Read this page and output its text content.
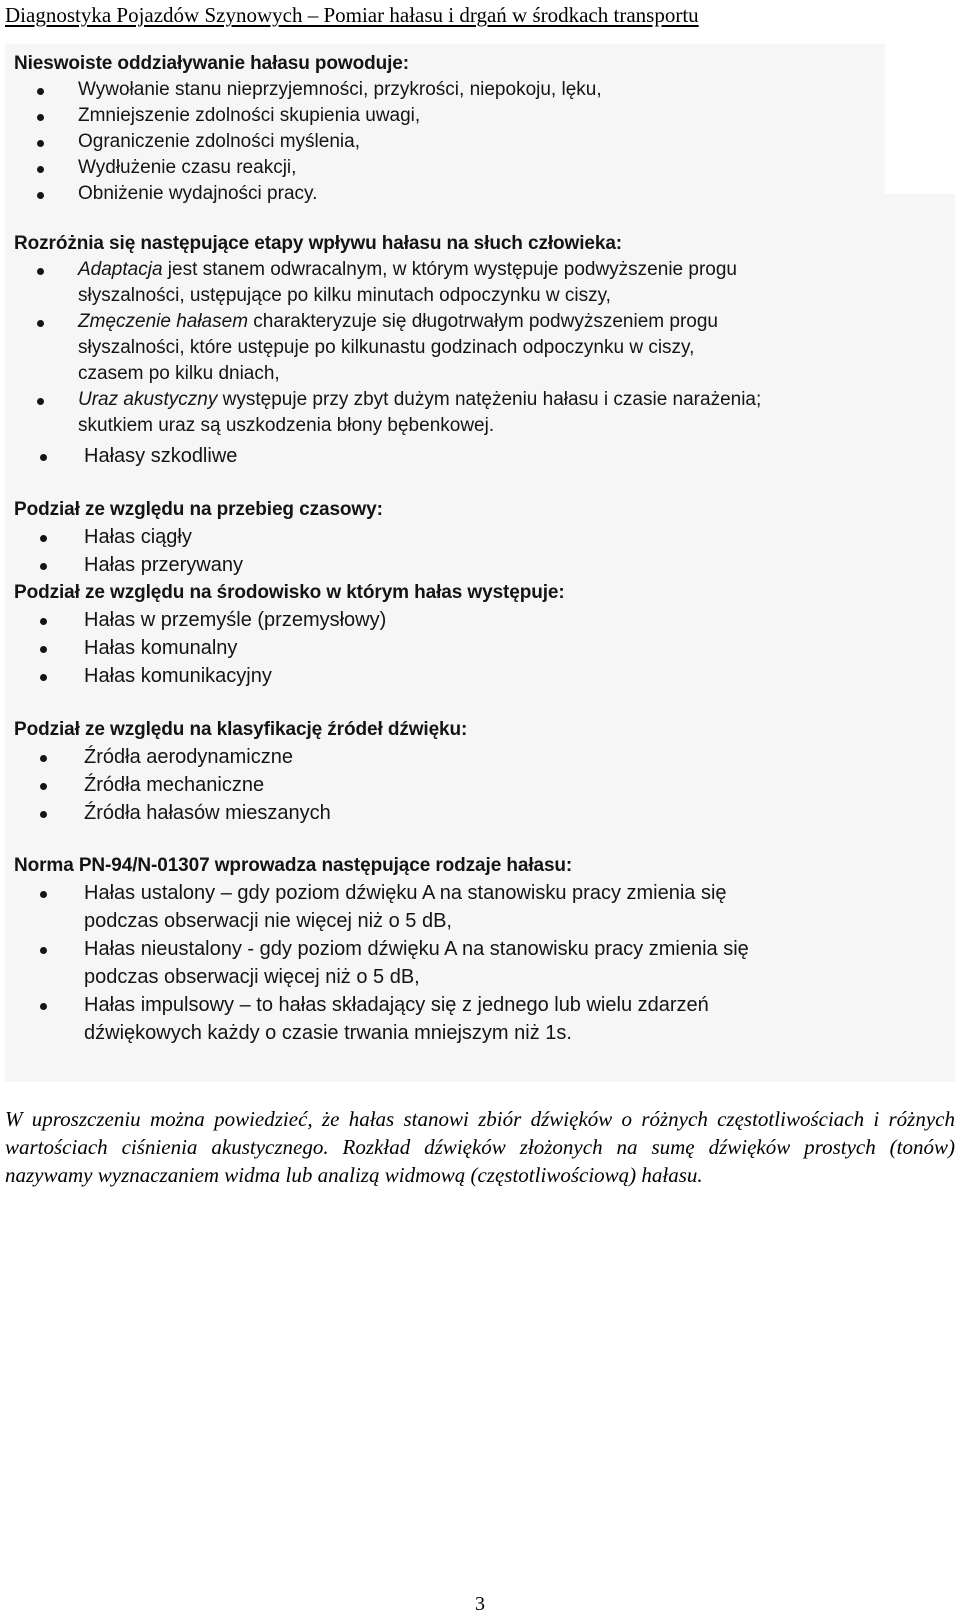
Diagnostyka Pojazdów Szynowych – Pomiar hałasu i drgań w środkach transportu
Nieswoiste oddziaływanie hałasu powoduje:
Wywołanie stanu nieprzyjemności, przykrości, niepokoju, lęku,
Zmniejszenie zdolności skupienia uwagi,
Ograniczenie zdolności myślenia,
Wydłużenie czasu reakcji,
Obniżenie wydajności pracy.
Rozróżnia się następujące etapy wpływu hałasu na słuch człowieka:
Adaptacja jest stanem odwracalnym, w którym występuje podwyższenie progu
słyszalności, ustępujące po kilku minutach odpoczynku w ciszy,
Zmęczenie hałasem charakteryzuje się długotrwałym podwyższeniem progu
słyszalności, które ustępuje po kilkunastu godzinach odpoczynku w ciszy,
czasem po kilku dniach,
Uraz akustyczny występuje przy zbyt dużym natężeniu hałasu i czasie narażenia;
skutkiem uraz są uszkodzenia błony bębenkowej.
Hałasy szkodliwe
Podział ze względu na przebieg czasowy:
Hałas ciągły
Hałas przerywany
Podział ze względu na środowisko w którym hałas występuje:
Hałas w przemyśle (przemysłowy)
Hałas komunalny
Hałas komunikacyjny
Podział ze względu na klasyfikację źródeł dźwięku:
Źródła aerodynamiczne
Źródła mechaniczne
Źródła hałasów mieszanych
Norma PN-94/N-01307 wprowadza następujące rodzaje hałasu:
Hałas ustalony – gdy poziom dźwięku A na stanowisku pracy zmienia się
podczas obserwacji nie więcej niż o 5 dB,
Hałas nieustalony - gdy poziom dźwięku A na stanowisku pracy zmienia się
podczas obserwacji więcej niż o 5 dB,
Hałas impulsowy – to hałas składający się z jednego lub wielu zdarzeń
dźwiękowych każdy o czasie trwania mniejszym niż 1s.

W uproszczeniu można powiedzieć, że hałas stanowi zbiór dźwięków o różnych częstotliwościach i różnych wartościach ciśnienia akustycznego. Rozkład dźwięków złożonych na sumę dźwięków prostych (tonów) nazywamy wyznaczaniem widma lub analizą widmową (częstotliwościową) hałasu.

3
